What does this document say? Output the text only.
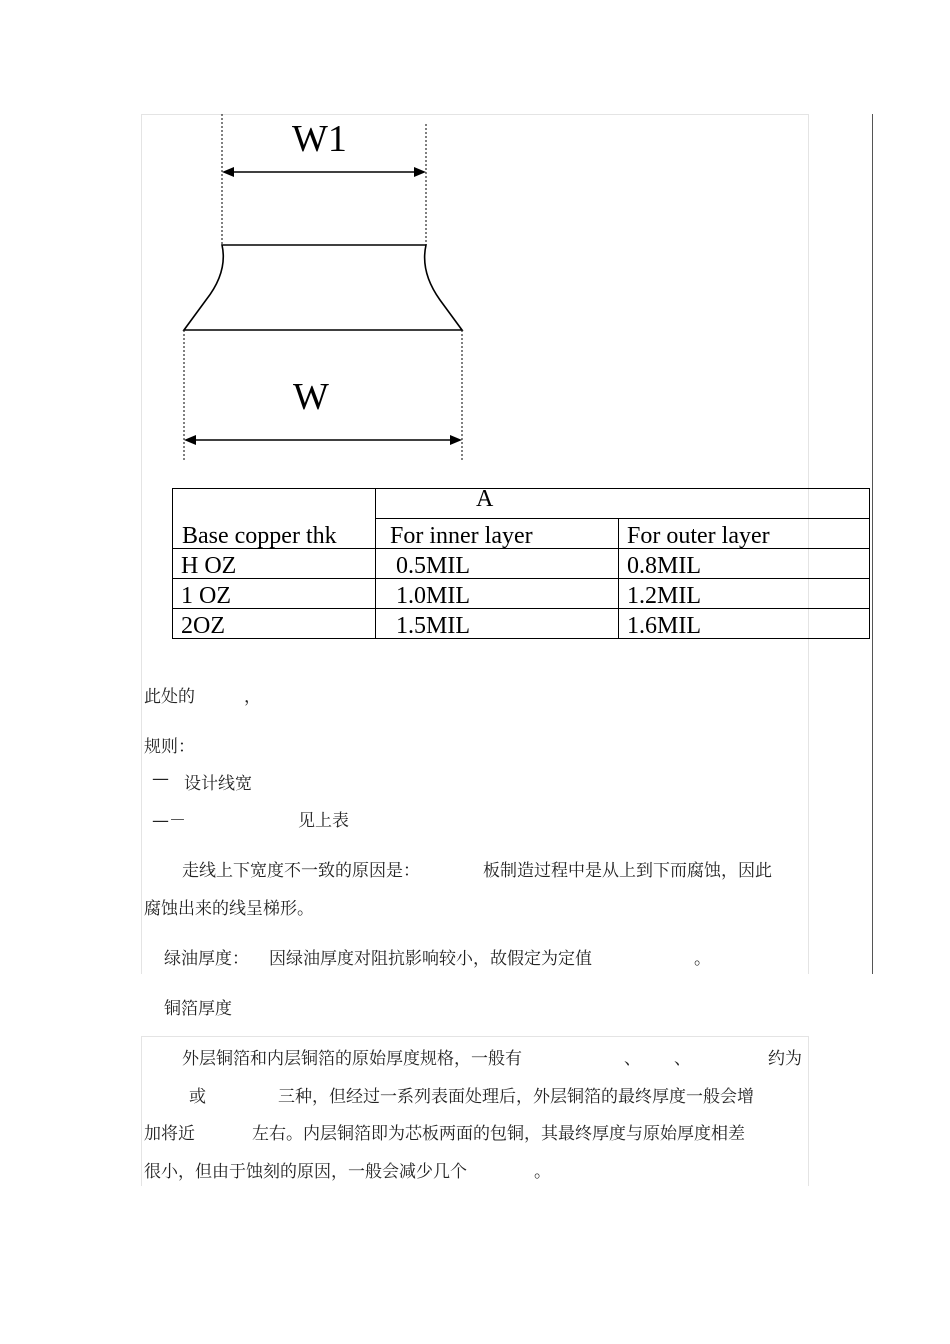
W1
W
Base copper thk	A	
	For inner layer	For outer layer
H OZ	0.5MIL	0.8MIL
1 OZ	1.0MIL	1.2MIL
2OZ	1.5MIL	1.6MIL
此处的	，
规则：
— 设计线宽
—－	见上表
走线上下宽度不一致的原因是：	板制造过程中是从上到下而腐蚀，因此
腐蚀出来的线呈梯形。
绿油厚度： 因绿油厚度对阻抗影响较小，故假定为定值	。
铜箔厚度
外层铜箔和内层铜箔的原始厚度规格，一般有	、 、	约为
或	三种，但经过一系列表面处理后，外层铜箔的最终厚度一般会增
加将近	左右。内层铜箔即为芯板两面的包铜，其最终厚度与原始厚度相差
很小，但由于蚀刻的原因，一般会减少几个	。
